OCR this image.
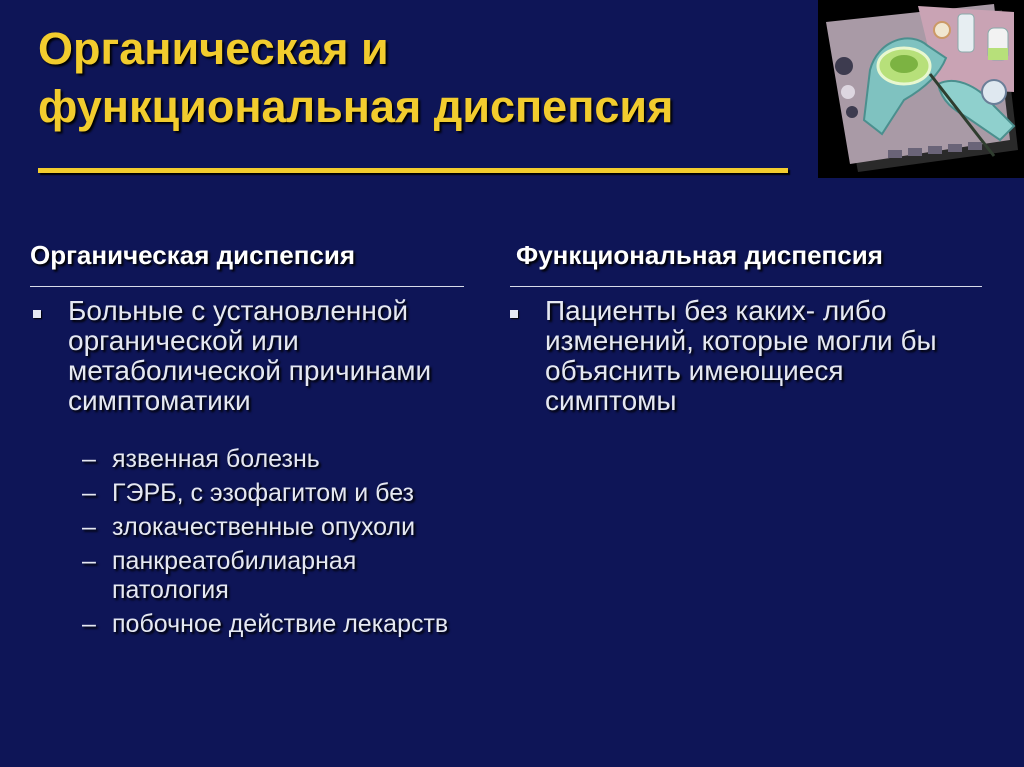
Органическая и
функциональная диспепсия
Органическая диспепсия
Больные с установленной
органической или
метаболической причинами
симптоматики
– язвенная болезнь
– ГЭРБ, с эзофагитом и без
– злокачественные опухоли
– панкреатобилиарная
патология
– побочное действие лекарств
Функциональная диспепсия
Пациенты без каких- либо
изменений, которые могли бы
объяснить имеющиеся
симптомы
